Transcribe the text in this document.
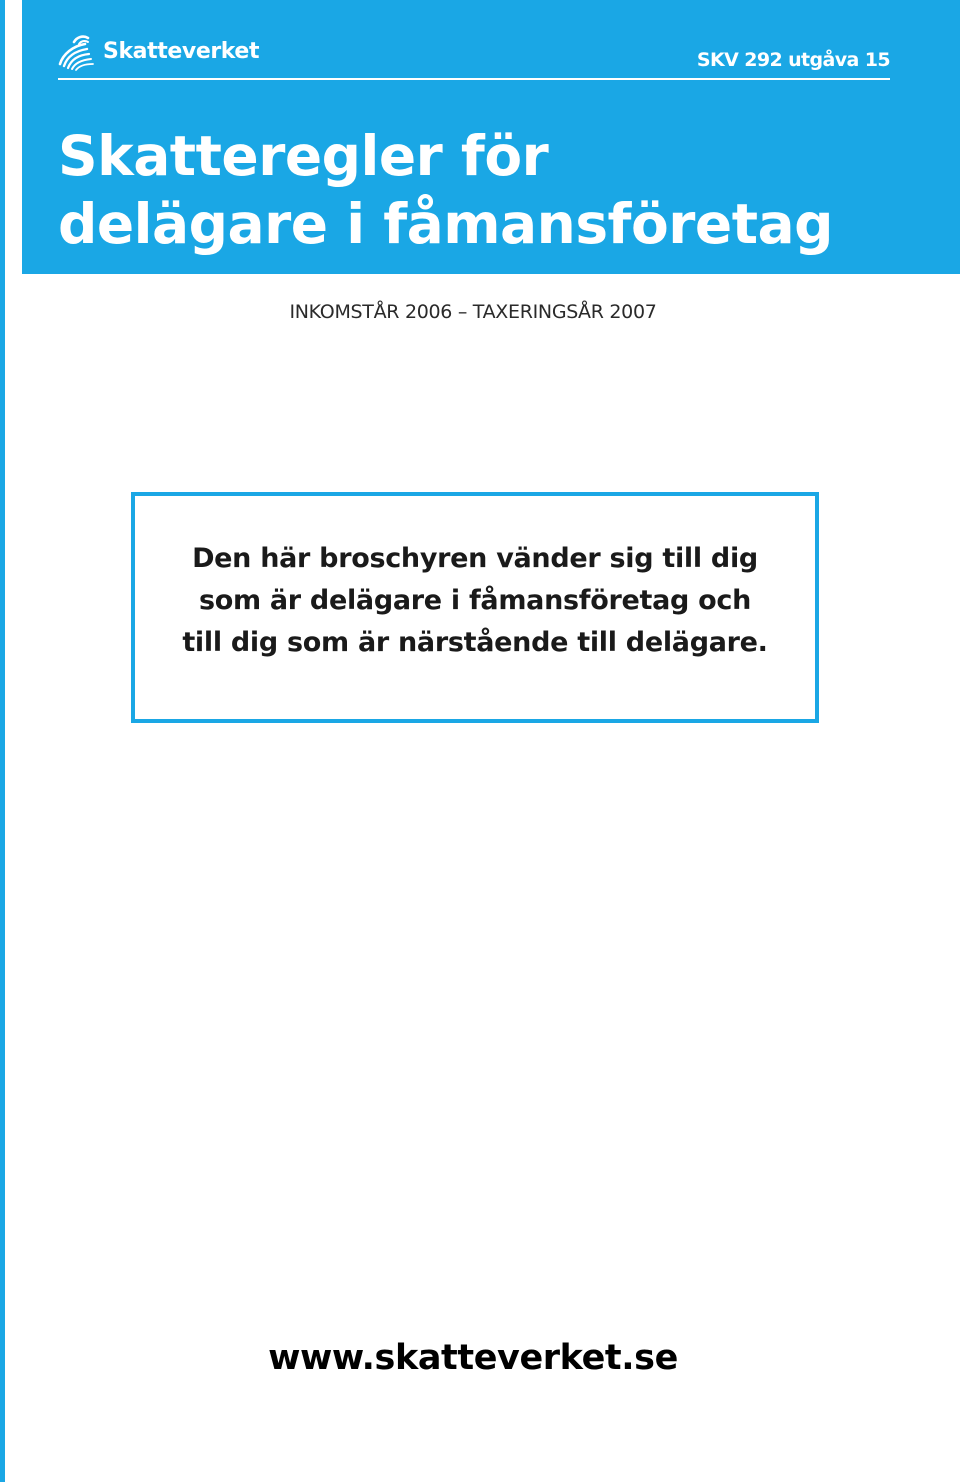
Skatteverket	SKV 292 utgåva 15
Skatteregler för
delägare i fåmansföretag
INKOMSTÅR 2006 – TAXERINGSÅR 2007

Den här broschyren vänder sig till dig
som är delägare i fåmansföretag och
till dig som är närstående till delägare.

www.skatteverket.se
